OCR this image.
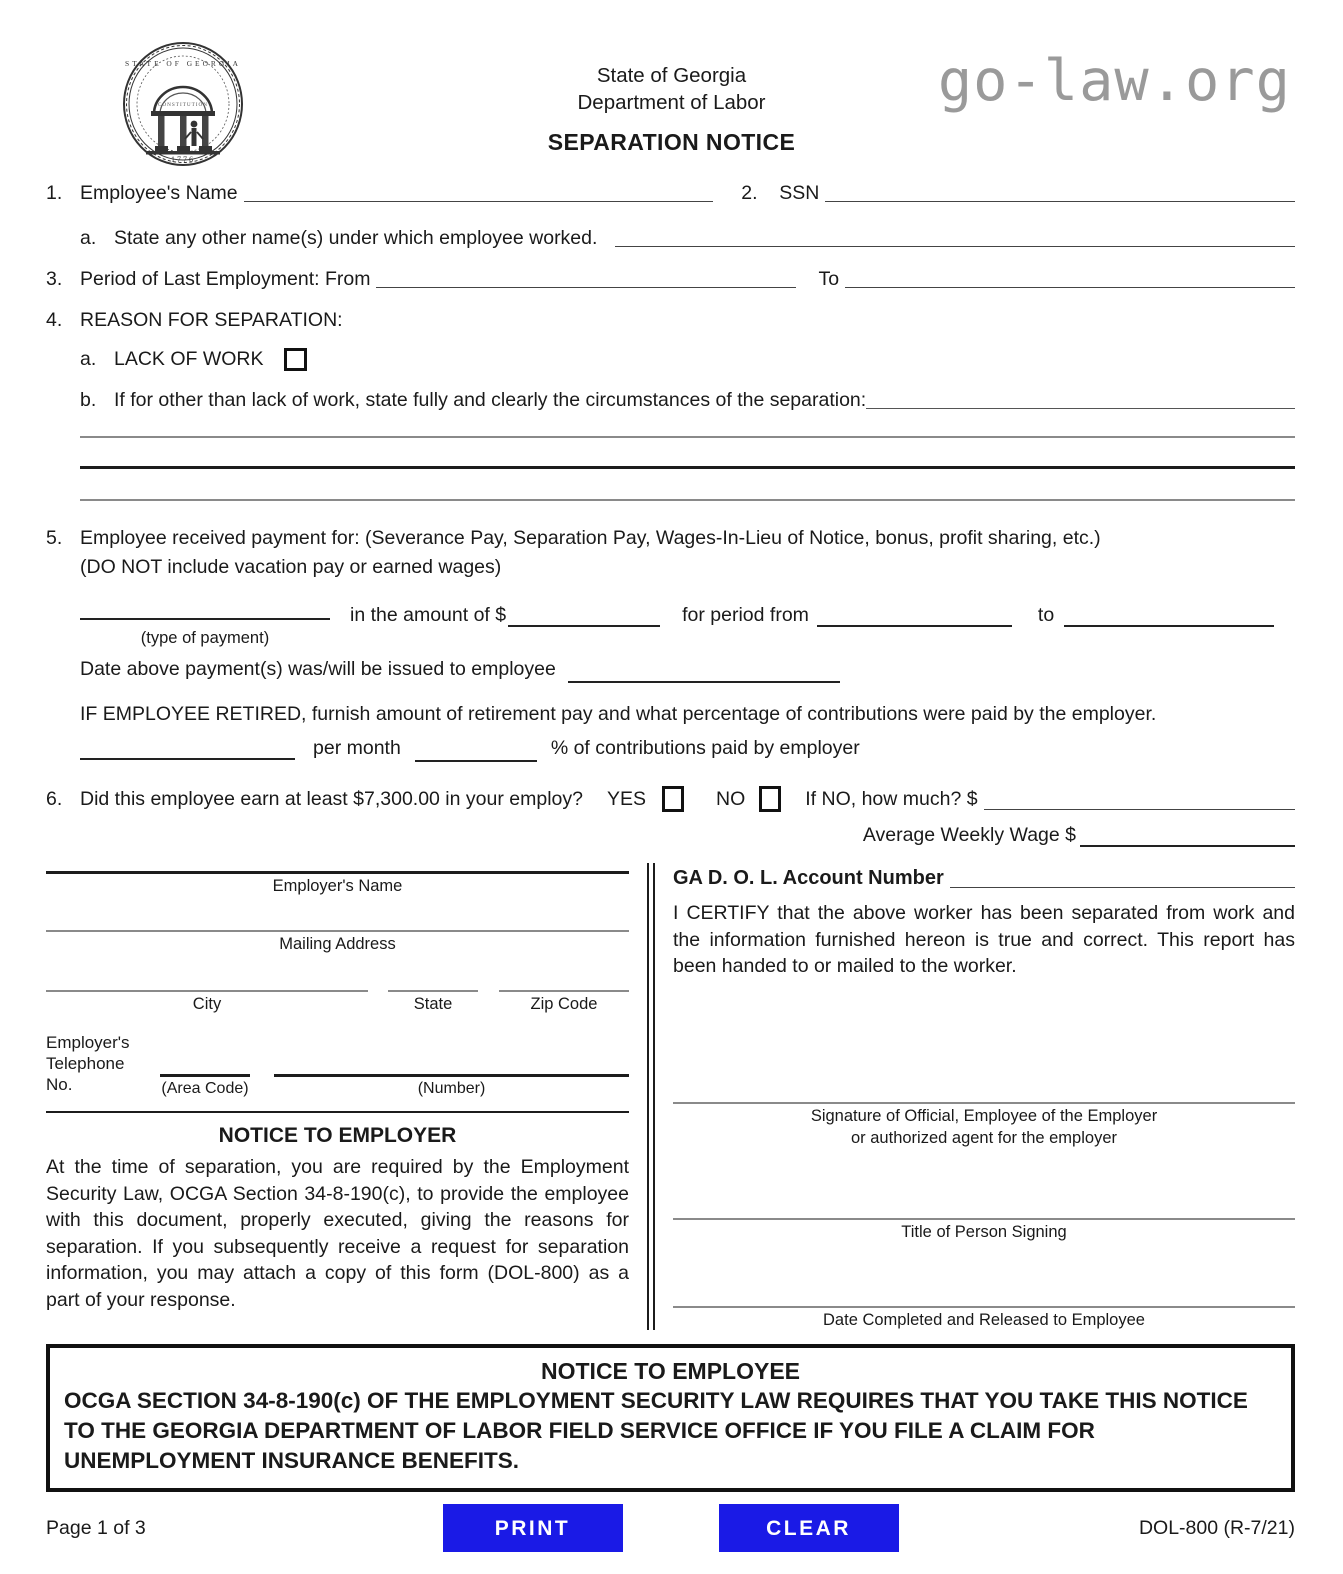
1776
STATE OF GEORGIA
CONSTITUTION
State of Georgia
Department of Labor
SEPARATION NOTICE
go-law.org
1. Employee's Name	2.	SSN
a. State any other name(s) under which employee worked.
3. Period of Last Employment: From	To
4. REASON FOR SEPARATION:
a. LACK OF WORK
b. If for other than lack of work, state fully and clearly the circumstances of the separation:
5. Employee received payment for: (Severance Pay, Separation Pay, Wages-In-Lieu of Notice, bonus, profit sharing, etc.)
(DO NOT include vacation pay or earned wages)
(type of payment)
in the amount of $	for period from	to
Date above payment(s) was/will be issued to employee
IF EMPLOYEE RETIRED, furnish amount of retirement pay and what percentage of contributions were paid by the employer.
per month	% of contributions paid by employer
6. Did this employee earn at least $7,300.00 in your employ? YES	NO	If NO, how much? $
Average Weekly Wage $
Employer's Name
Mailing Address
City	State	Zip Code
Employer's
Telephone No.	(Area Code)	(Number)
NOTICE TO EMPLOYER
At the time of separation, you are required by the Employment Security Law, OCGA Section 34-8-190(c), to provide the employee with this document, properly executed, giving the reasons for separation. If you subsequently receive a request for separation information, you may attach a copy of this form (DOL-800) as a part of your response.
GA D. O. L. Account Number
I CERTIFY that the above worker has been separated from work and the information furnished hereon is true and correct. This report has been handed to or mailed to the worker.
Signature of Official, Employee of the Employer
or authorized agent for the employer
Title of Person Signing
Date Completed and Released to Employee
NOTICE TO EMPLOYEE
OCGA SECTION 34-8-190(c) OF THE EMPLOYMENT SECURITY LAW REQUIRES THAT YOU TAKE THIS NOTICE TO THE GEORGIA DEPARTMENT OF LABOR FIELD SERVICE OFFICE IF YOU FILE A CLAIM FOR UNEMPLOYMENT INSURANCE BENEFITS.
Page 1 of 3	PRINT	CLEAR	DOL-800 (R-7/21)
